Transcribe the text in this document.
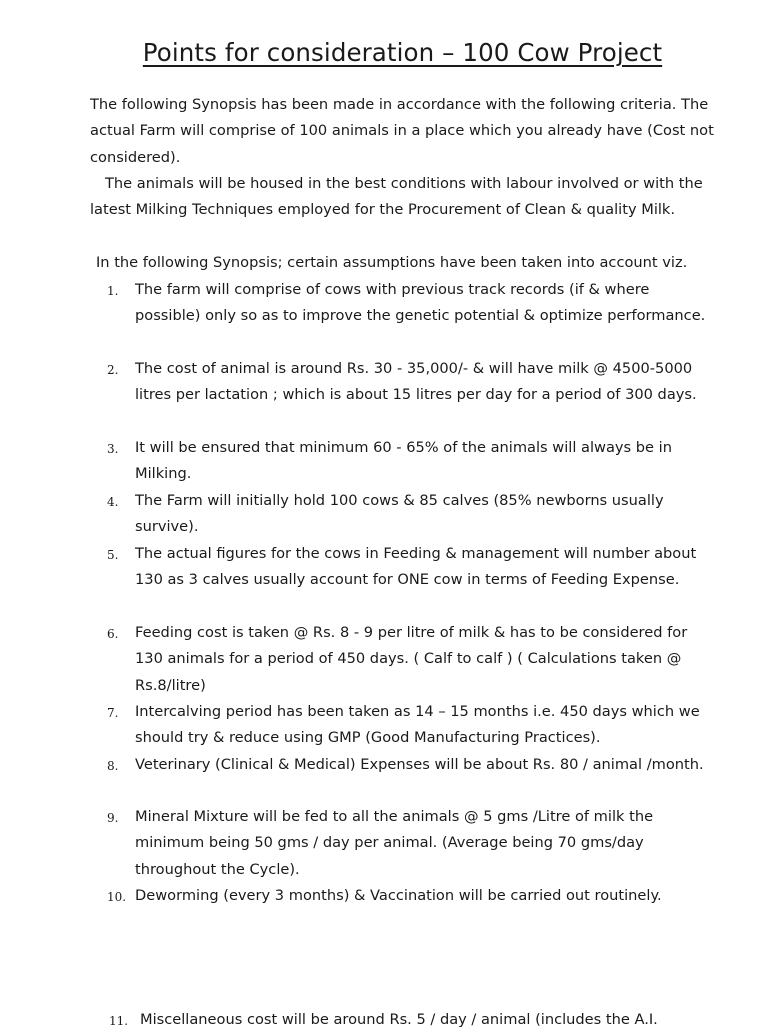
Points for consideration – 100 Cow Project

The following Synopsis has been made in accordance with the following criteria. The actual Farm will comprise of 100 animals in a place which you already have (Cost not considered).

The animals will be housed in the best conditions with labour involved or with the latest Milking Techniques employed for the Procurement of Clean & quality Milk.

In the following Synopsis; certain assumptions have been taken into account viz.

1.	The farm will comprise of cows with previous track records (if & where possible) only so as to improve the genetic potential & optimize performance.
2.	The cost of animal is around Rs. 30 - 35,000/- & will have milk @ 4500-5000 litres per lactation ; which is about 15 litres per day for a period of 300 days.
3.	It will be ensured that minimum 60 - 65% of the animals will always be in Milking.
4.	The Farm will initially hold 100 cows & 85 calves (85% newborns usually survive).
5.	The actual figures for the cows in Feeding & management will number about 130 as 3 calves usually account for ONE cow in terms of Feeding Expense.
6.	Feeding cost is taken @ Rs. 8 - 9 per litre of milk & has to be considered for 130 animals for a period of 450 days. ( Calf to calf ) ( Calculations taken @ Rs.8/litre)
7.	Intercalving period has been taken as 14 – 15 months i.e. 450 days which we should try & reduce using GMP (Good Manufacturing Practices).
8.	Veterinary (Clinical & Medical) Expenses will be about Rs. 80 / animal /month.
9.	Mineral Mixture will be fed to all the animals @ 5 gms /Litre of milk the minimum being 50 gms / day per animal. (Average being 70 gms/day throughout the Cycle).
10. Deworming (every 3 months) & Vaccination will be carried out routinely.
11. Miscellaneous cost will be around Rs. 5 / day / animal (includes the A.I.
